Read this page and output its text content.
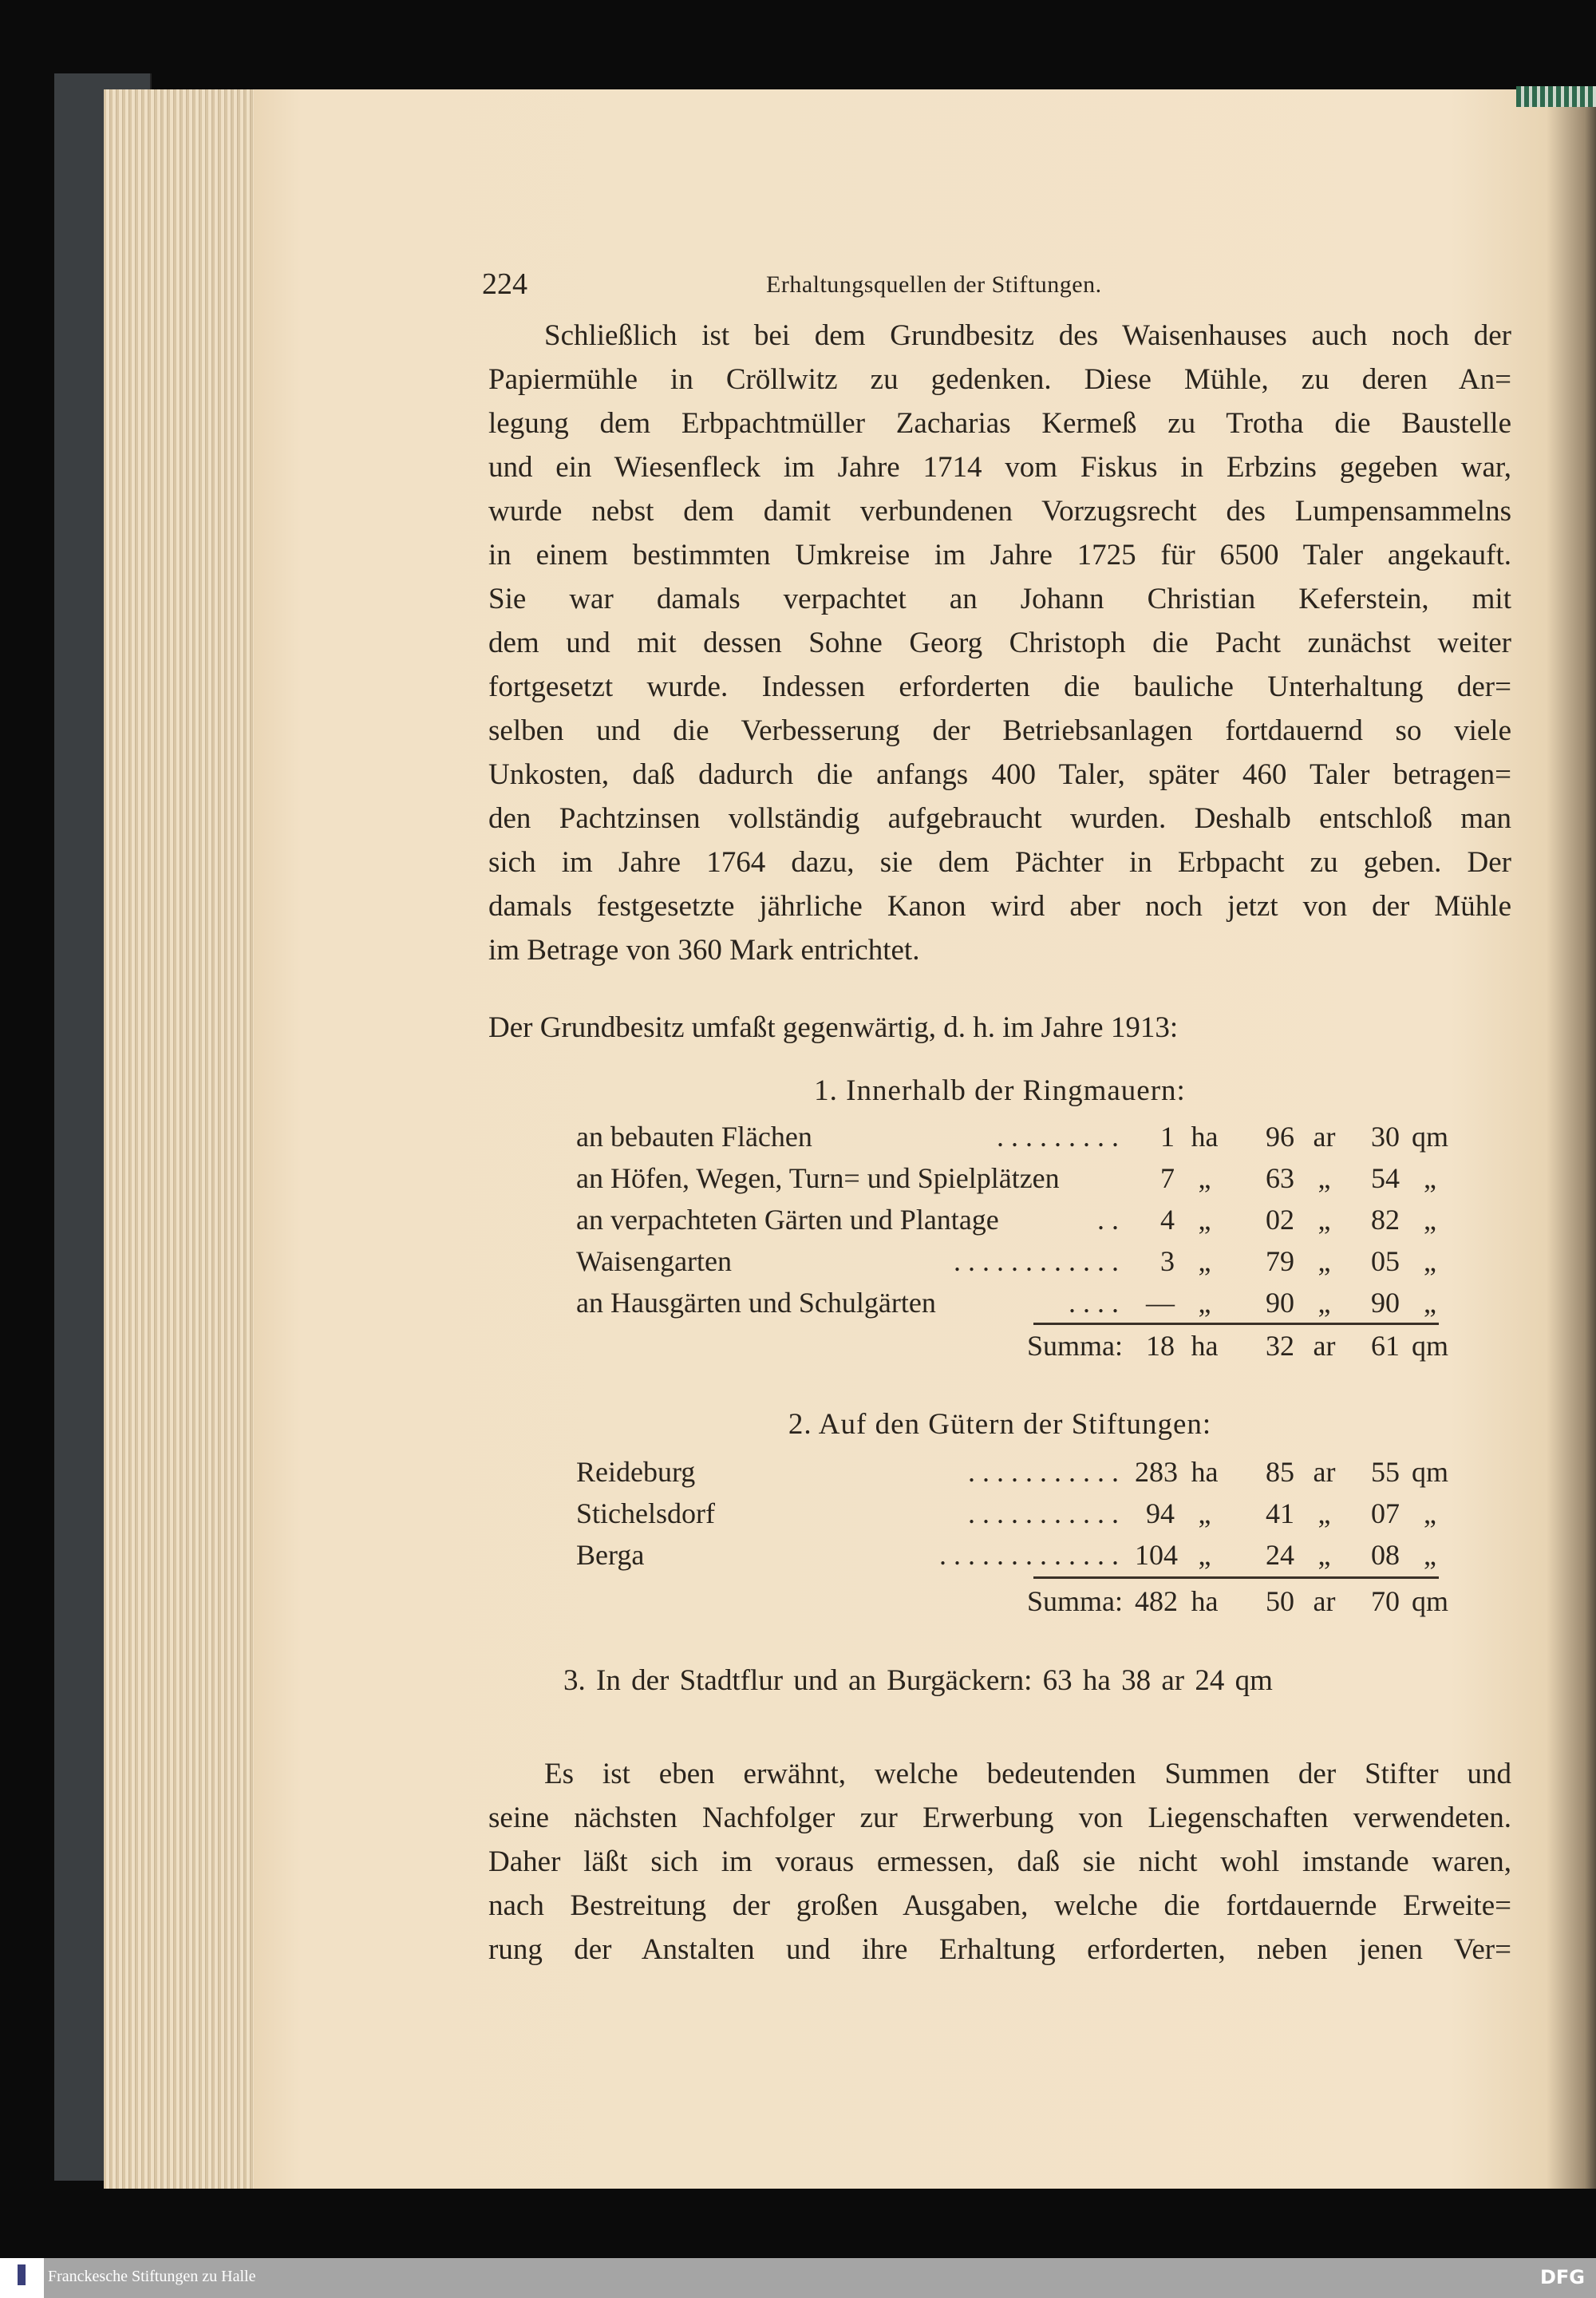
224	Erhaltungsquellen der Stiftungen.
Schließlich ist bei dem Grundbesitz des Waisenhauses auch noch der
Papiermühle in Cröllwitz zu gedenken. Diese Mühle, zu deren An=
legung dem Erbpachtmüller Zacharias Kermeß zu Trotha die Baustelle
und ein Wiesenfleck im Jahre 1714 vom Fiskus in Erbzins gegeben war,
wurde nebst dem damit verbundenen Vorzugsrecht des Lumpensammelns
in einem bestimmten Umkreise im Jahre 1725 für 6500 Taler angekauft.
Sie war damals verpachtet an Johann Christian Keferstein, mit
dem und mit dessen Sohne Georg Christoph die Pacht zunächst weiter
fortgesetzt wurde. Indessen erforderten die bauliche Unterhaltung der=
selben und die Verbesserung der Betriebsanlagen fortdauernd so viele
Unkosten, daß dadurch die anfangs 400 Taler, später 460 Taler betragen=
den Pachtzinsen vollständig aufgebraucht wurden. Deshalb entschloß man
sich im Jahre 1764 dazu, sie dem Pächter in Erbpacht zu geben. Der
damals festgesetzte jährliche Kanon wird aber noch jetzt von der Mühle
im Betrage von 360 Mark entrichtet.
Der Grundbesitz umfaßt gegenwärtig, d. h. im Jahre 1913:
1. Innerhalb der Ringmauern:
an bebauten Flächen	. . . . . . . . .	1 ha	96 ar	30 qm
an Höfen, Wegen, Turn= und Spielplätzen	7 „	63 „	54 „
an verpachteten Gärten und Plantage	. .	4 „	02 „	82 „
Waisengarten	. . . . . . . . . . . .	3 „	79 „	05 „
an Hausgärten und Schulgärten	. . . . — „	90 „	90 „
Summa: 18 ha	32 ar	61 qm
2. Auf den Gütern der Stiftungen:
Reideburg	. . . . . . . . . . . 283 ha	85 ar	55 qm
Stichelsdorf	. . . . . . . . . . . 94 „	41 „	07 „
Berga	. . . . . . . . . . . . . 104 „	24 „	08 „
Summa: 482 ha	50 ar	70 qm
3. In der Stadtflur und an Burgäckern: 63 ha 38 ar 24 qm
Es ist eben erwähnt, welche bedeutenden Summen der Stifter und
seine nächsten Nachfolger zur Erwerbung von Liegenschaften verwendeten.
Daher läßt sich im voraus ermessen, daß sie nicht wohl imstande waren,
nach Bestreitung der großen Ausgaben, welche die fortdauernde Erweite=
rung der Anstalten und ihre Erhaltung erforderten, neben jenen Ver=
Franckesche Stiftungen zu Halle	DFG
